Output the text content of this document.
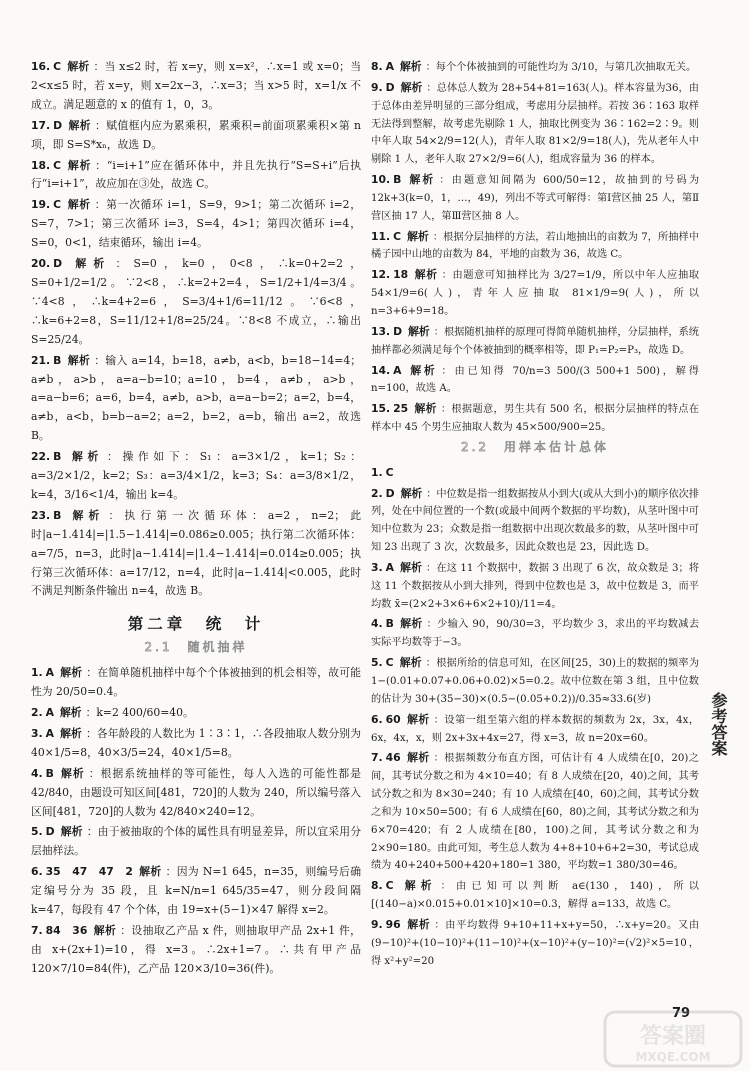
16. C 解析 ：当 x≤2 时，若 x=y，则 x=x²，∴x=1 或 x=0；当2<x≤5 时，若 x=y，则 x=2x−3，∴x=3；当 x>5 时，x=1/x 不成立。满足题意的 x 的值有 1，0，3。
17. D 解析 ：赋值框内应为累乘积，累乘积=前面项累乘积×第 n 项，即 S=S*xₙ，故选 D。
18. C 解析 ：“i=i+1”应在循环体中，并且先执行“S=S+i”后执行“i=i+1”，故应加在③处，故选 C。
19. C 解析 ：第一次循环 i=1，S=9，9>1；第二次循环 i=2，S=7，7>1；第三次循环 i=3，S=4，4>1；第四次循环 i=4，S=0，0<1，结束循环，输出 i=4。
20. D 解析 ：S=0，k=0，0<8，∴k=0+2=2，S=0+1/2=1/2。∵2<8，∴k=2+2=4，S=1/2+1/4=3/4。∵4<8，∴k=4+2=6，S=3/4+1/6=11/12。∵6<8，∴k=6+2=8，S=11/12+1/8=25/24。∵8<8 不成立，∴输出 S=25/24。
21. B 解析 ：输入 a=14，b=18，a≠b，a<b，b=18−14=4；a≠b，a>b，a=a−b=10；a=10，b=4，a≠b，a>b，a=a−b=6；a=6，b=4，a≠b，a>b，a=a−b=2；a=2，b=4，a≠b，a<b，b=b−a=2；a=2，b=2，a=b，输出 a=2，故选 B。
22. B 解析 ：操作如下：S₁：a=3×1/2，k=1；S₂：a=3/2×1/2，k=2；S₃：a=3/4×1/2，k=3；S₄：a=3/8×1/2，k=4，3/16<1/4，输出 k=4。
23. B 解析 ：执行第一次循环体：a=2，n=2；此时|a−1.414|=|1.5−1.414|=0.086≥0.005；执行第二次循环体：a=7/5，n=3，此时|a−1.414|=|1.4−1.414|=0.014≥0.005；执行第三次循环体：a=17/12，n=4，此时|a−1.414|<0.005，此时不满足判断条件输出 n=4，故选 B。
第二章　统　计
2.1　随机抽样
1. A 解析 ：在简单随机抽样中每个个体被抽到的机会相等，故可能性为 20/50=0.4。
2. A 解析 ：k=2 400/60=40。
3. A 解析 ：各年龄段的人数比为 1∶3∶1，∴各段抽取人数分别为 40×1/5=8，40×3/5=24，40×1/5=8。
4. B 解析 ：根据系统抽样的等可能性，每人入选的可能性都是 42/840，由题设可知区间[481，720]的人数为 240，所以编号落入区间[481，720]的人数为 42/840×240=12。
5. D 解析 ：由于被抽取的个体的属性具有明显差异，所以宜采用分层抽样法。
6. 35　47　47　2 解析 ：因为 N=1 645，n=35，则编号后确定编号分为 35 段，且 k=N/n=1 645/35=47，则分段间隔 k=47，每段有 47 个个体，由 19=x+(5−1)×47 解得 x=2。
7. 84　36 解析 ：设抽取乙产品 x 件，则抽取甲产品 2x+1 件，由 x+(2x+1)=10，得 x=3。∴2x+1=7。∴共有甲产品 120×7/10=84(件)，乙产品 120×3/10=36(件)。
8. A 解析 ：每个个体被抽到的可能性均为 3/10，与第几次抽取无关。
9. D 解析 ：总体总人数为 28+54+81=163(人)。样本容量为36，由于总体由差异明显的三部分组成，考虑用分层抽样。若按 36∶163 取样无法得到整解，故考虑先剔除 1 人，抽取比例变为 36∶162=2∶9。则中年人取 54×2/9=12(人)，青年人取 81×2/9=18(人)，先从老年人中剔除 1 人，老年人取 27×2/9=6(人)，组成容量为 36 的样本。
10. B 解析 ：由题意知间隔为 600/50=12，故抽到的号码为 12k+3(k=0，1，…，49)，列出不等式可解得：第Ⅰ营区抽 25 人，第Ⅱ营区抽 17 人，第Ⅲ营区抽 8 人。
11. C 解析 ：根据分层抽样的方法，若山地抽出的亩数为 7，所抽样中橘子园中山地的亩数为 84，平地的亩数为 36，故选 C。
12. 18 解析 ：由题意可知抽样比为 3/27=1/9，所以中年人应抽取 54×1/9=6(人)，青年人应抽取 81×1/9=9(人)，所以 n=3+6+9=18。
13. D 解析 ：根据随机抽样的原理可得简单随机抽样，分层抽样，系统抽样都必须满足每个个体被抽到的概率相等，即 P₁=P₂=P₃，故选 D。
14. A 解析 ：由已知得 70/n=3 500/(3 500+1 500)，解得 n=100，故选 A。
15. 25 解析 ：根据题意，男生共有 500 名，根据分层抽样的特点在样本中 45 个男生应抽取人数为 45×500/900=25。
2.2　用样本估计总体
1. C
2. D 解析 ：中位数是指一组数据按从小到大(或从大到小)的顺序依次排列，处在中间位置的一个数(或最中间两个数据的平均数)，从茎叶图中可知中位数为 23；众数是指一组数据中出现次数最多的数，从茎叶图中可知 23 出现了 3 次，次数最多，因此众数也是 23，因此选 D。
3. A 解析 ：在这 11 个数据中，数据 3 出现了 6 次，故众数是 3；将这 11 个数据按从小到大排列，得到中位数也是 3，故中位数是 3，而平均数 x̄=(2×2+3×6+6×2+10)/11=4。
4. B 解析 ：少输入 90，90/30=3，平均数少 3，求出的平均数减去实际平均数等于−3。
5. C 解析 ：根据所给的信息可知，在区间[25，30)上的数据的频率为 1−(0.01+0.07+0.06+0.02)×5=0.2。故中位数在第 3 组，且中位数的估计为 30+(35−30)×(0.5−(0.05+0.2))/0.35≈33.6(岁)
6. 60 解析 ：设第一组至第六组的样本数据的频数为 2x，3x，4x，6x，4x，x，则 2x+3x+4x=27，得 x=3，故 n=20x=60。
7. 46 解析 ：根据频数分布直方图，可估计有 4 人成绩在[0，20)之间，其考试分数之和为 4×10=40；有 8 人成绩在[20，40)之间，其考试分数之和为 8×30=240；有 10 人成绩在[40，60)之间，其考试分数之和为 10×50=500；有 6 人成绩在[60，80)之间，其考试分数之和为 6×70=420；有 2 人成绩在[80，100)之间，其考试分数之和为 2×90=180。由此可知，考生总人数为 4+8+10+6+2=30，考试总成绩为 40+240+500+420+180=1 380，平均数=1 380/30=46。
8. C 解析 ：由已知可以判断 a∈(130，140)，所以[(140−a)×0.015+0.01×10]×10=0.3，解得 a=133，故选 C。
9. 96 解析 ：由平均数得 9+10+11+x+y=50，∴x+y=20。又由(9−10)²+(10−10)²+(11−10)²+(x−10)²+(y−10)²=(√2)²×5=10，得 x²+y²=20
参考答案
79
答案圈
MXQE.COM
